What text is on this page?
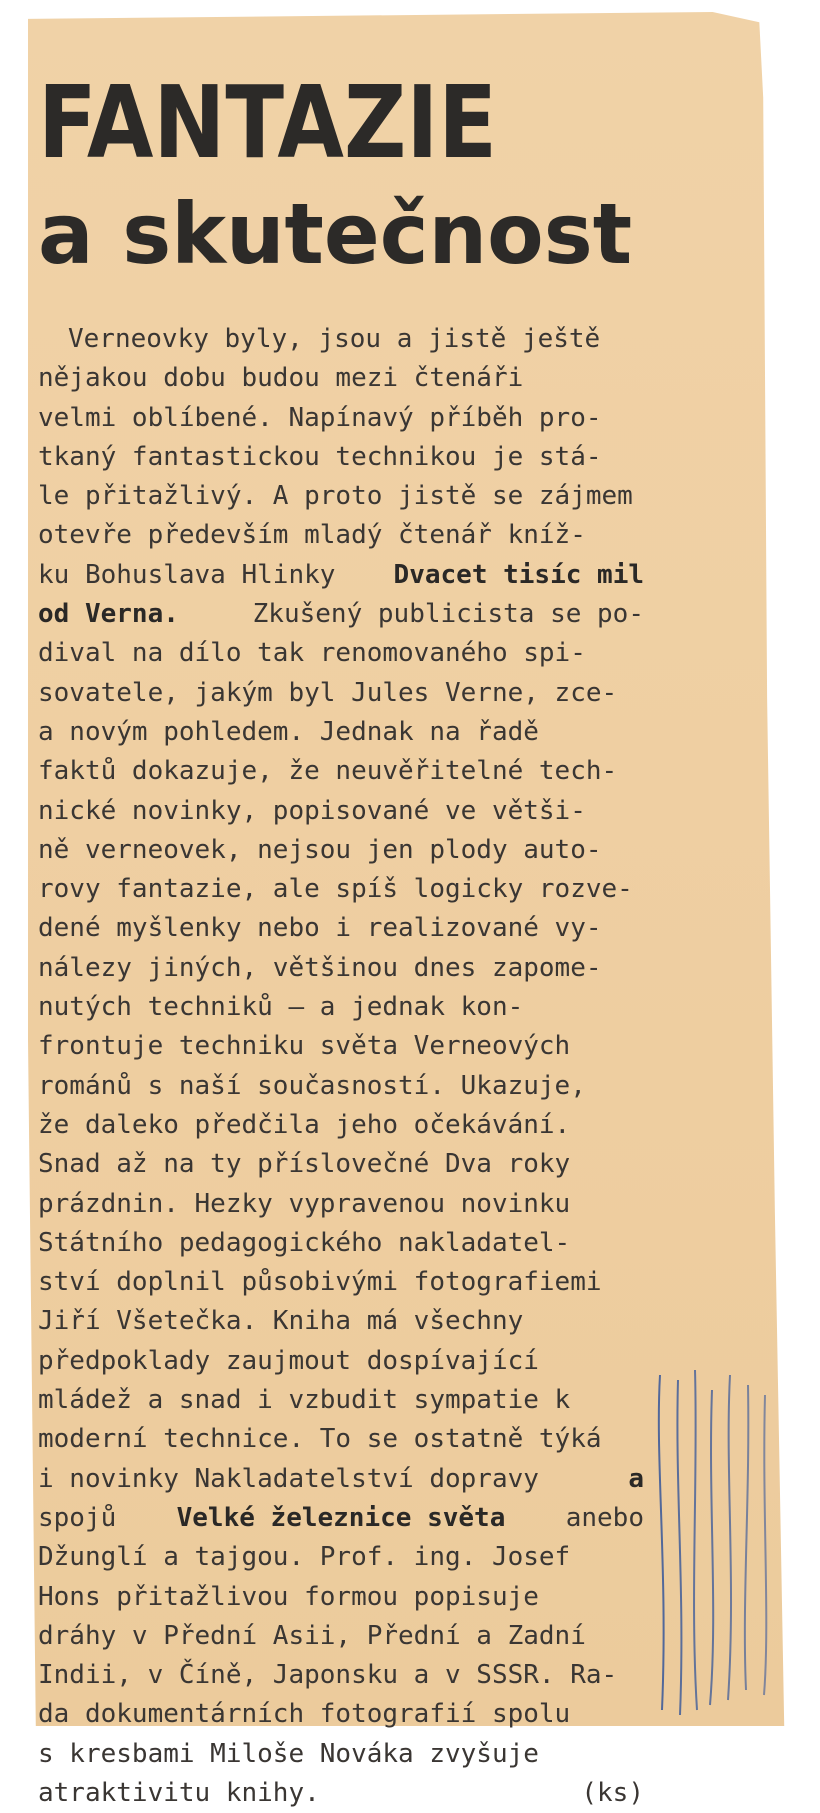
FANTAZIE
a skutečnost
Verneovky byly, jsou a jistě ještě
nějakou dobu budou mezi čtenáři
velmi oblíbené. Napínavý příběh pro-
tkaný fantastickou technikou je stá-
le přitažlivý. A proto jistě se zájmem
otevře především mladý čtenář kníž-
ku Bohuslava Hlinky Dvacet tisíc mil
od Verna.	Zkušený publicista se po-
dival na dílo tak renomovaného spi-
sovatele, jakým byl Jules Verne, zce-
a novým pohledem. Jednak na řadě
faktů dokazuje, že neuvěřitelné tech-
nické novinky, popisované ve větši-
ně verneovek, nejsou jen plody auto-
rovy fantazie, ale spíš logicky rozve-
dené myšlenky nebo i realizované vy-
nálezy jiných, většinou dnes zapome-
nutých techniků — a jednak kon-
frontuje techniku světa Verneových
románů s naší současností. Ukazuje,
že daleko předčila jeho očekávání.
Snad až na ty příslovečné Dva roky
prázdnin. Hezky vypravenou novinku
Státního pedagogického nakladatel-
ství doplnil působivými fotografiemi
Jiří Všetečka. Kniha má všechny
předpoklady zaujmout dospívající
mládež a snad i vzbudit sympatie k
moderní technice. To se ostatně týká
i novinky Nakladatelství dopravy	a
spojů Velké železnice světa anebo
Džunglí a tajgou. Prof. ing. Josef
Hons přitažlivou formou popisuje
dráhy v Přední Asii, Přední a Zadní
Indii, v Číně, Japonsku a v SSSR. Ra-
da dokumentárních fotografií spolu
s kresbami Miloše Nováka zvyšuje
atraktivitu knihy.	(ks)
